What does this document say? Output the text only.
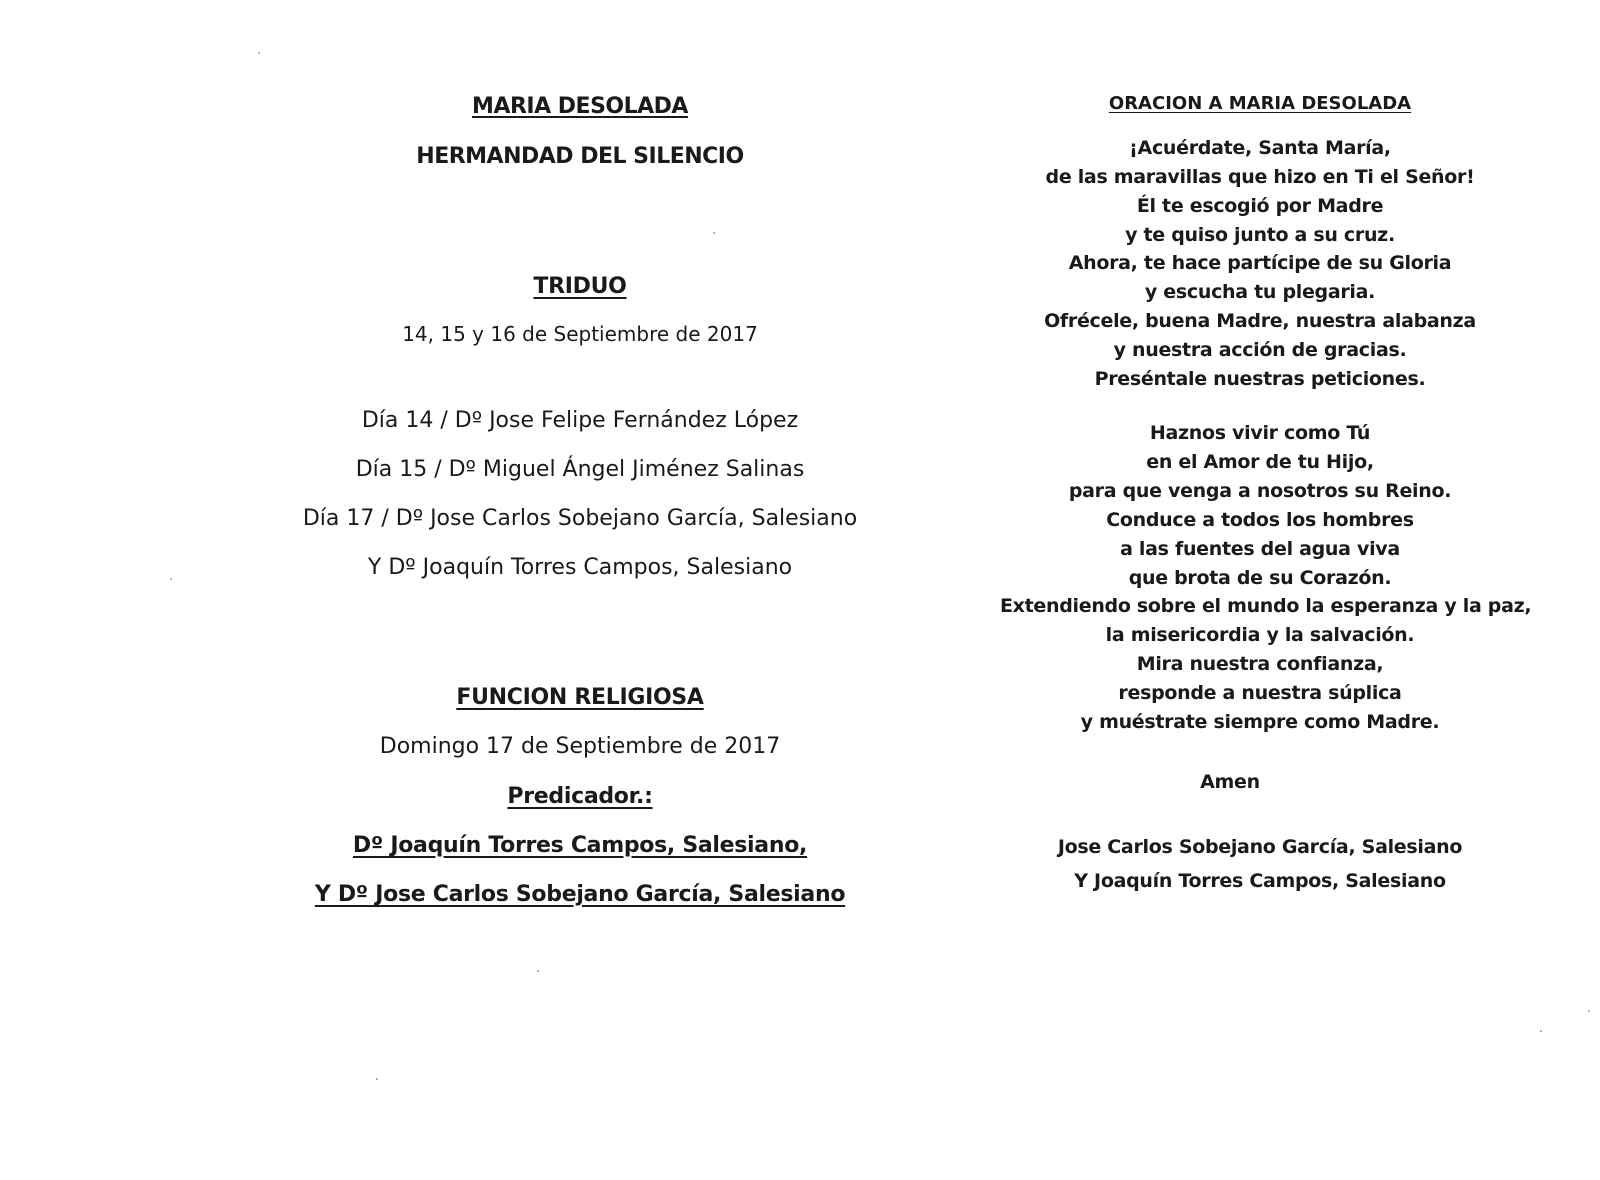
MARIA DESOLADA
HERMANDAD DEL SILENCIO
TRIDUO
14, 15 y 16 de Septiembre de 2017
Día 14 / Dº Jose Felipe Fernández López
Día 15 / Dº Miguel Ángel Jiménez Salinas
Día 17 / Dº Jose Carlos Sobejano García, Salesiano
Y Dº Joaquín Torres Campos, Salesiano
FUNCION RELIGIOSA
Domingo 17 de Septiembre de 2017
Predicador.:
Dº Joaquín Torres Campos, Salesiano,
Y Dº Jose Carlos Sobejano García, Salesiano
ORACION A MARIA DESOLADA
¡Acuérdate, Santa María,
de las maravillas que hizo en Ti el Señor!
Él te escogió por Madre
y te quiso junto a su cruz.
Ahora, te hace partícipe de su Gloria
y escucha tu plegaria.
Ofrécele, buena Madre, nuestra alabanza
y nuestra acción de gracias.
Preséntale nuestras peticiones.
Haznos vivir como Tú
en el Amor de tu Hijo,
para que venga a nosotros su Reino.
Conduce a todos los hombres
a las fuentes del agua viva
que brota de su Corazón.
Extendiendo sobre el mundo la esperanza y la paz,
la misericordia y la salvación.
Mira nuestra confianza,
responde a nuestra súplica
y muéstrate siempre como Madre.
Amen
Jose Carlos Sobejano García, Salesiano
Y Joaquín Torres Campos, Salesiano
